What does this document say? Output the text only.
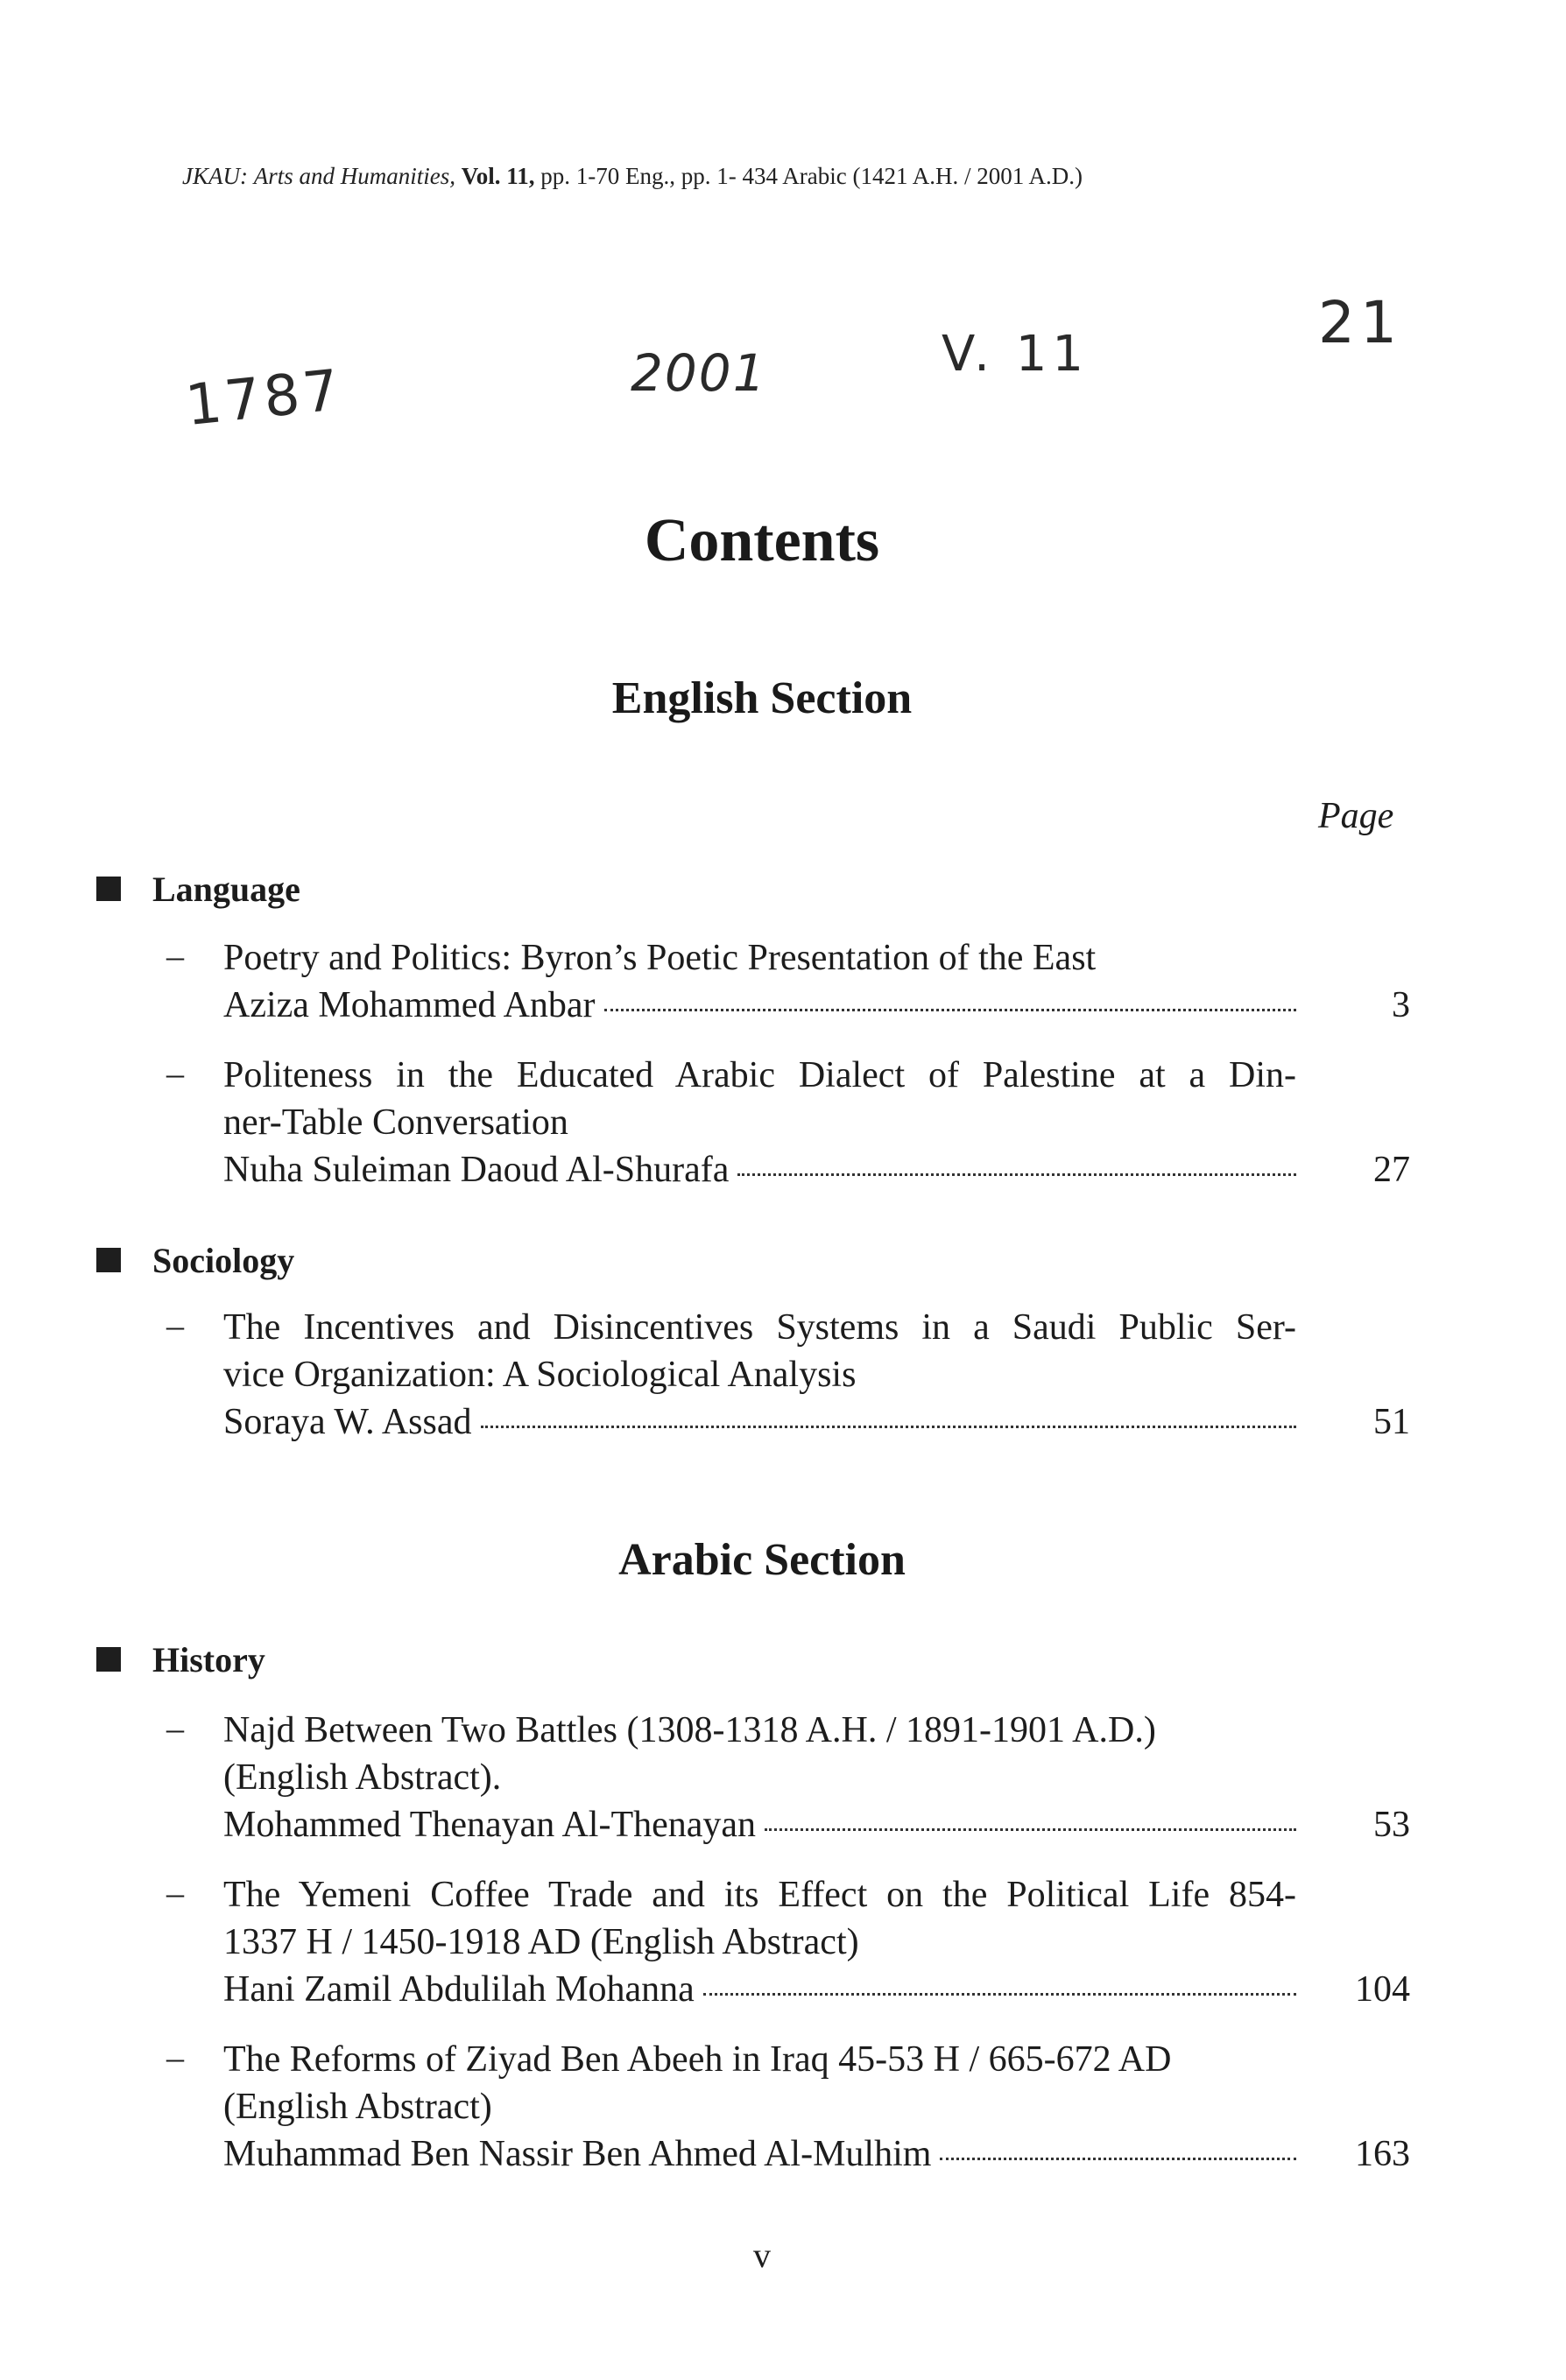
JKAU: Arts and Humanities, Vol. 11, pp. 1-70 Eng., pp. 1- 434 Arabic (1421 A.H. / 2001 A.D.)
1787	2001	V. 11	21
Contents
English Section
Page
Language
– Poetry and Politics: Byron’s Poetic Presentation of the East
Aziza Mohammed Anbar	3
– Politeness in the Educated Arabic Dialect of Palestine at a Din-
ner-Table Conversation
Nuha Suleiman Daoud Al-Shurafa	27
Sociology
– The Incentives and Disincentives Systems in a Saudi Public Ser-
vice Organization: A Sociological Analysis
Soraya W. Assad	51
Arabic Section
History
– Najd Between Two Battles (1308-1318 A.H. / 1891-1901 A.D.)
(English Abstract).
Mohammed Thenayan Al-Thenayan	53
– The Yemeni Coffee Trade and its Effect on the Political Life 854-
1337 H / 1450-1918 AD (English Abstract)
Hani Zamil Abdulilah Mohanna	104
– The Reforms of Ziyad Ben Abeeh in Iraq 45-53 H / 665-672 AD
(English Abstract)
Muhammad Ben Nassir Ben Ahmed Al-Mulhim	163
v
